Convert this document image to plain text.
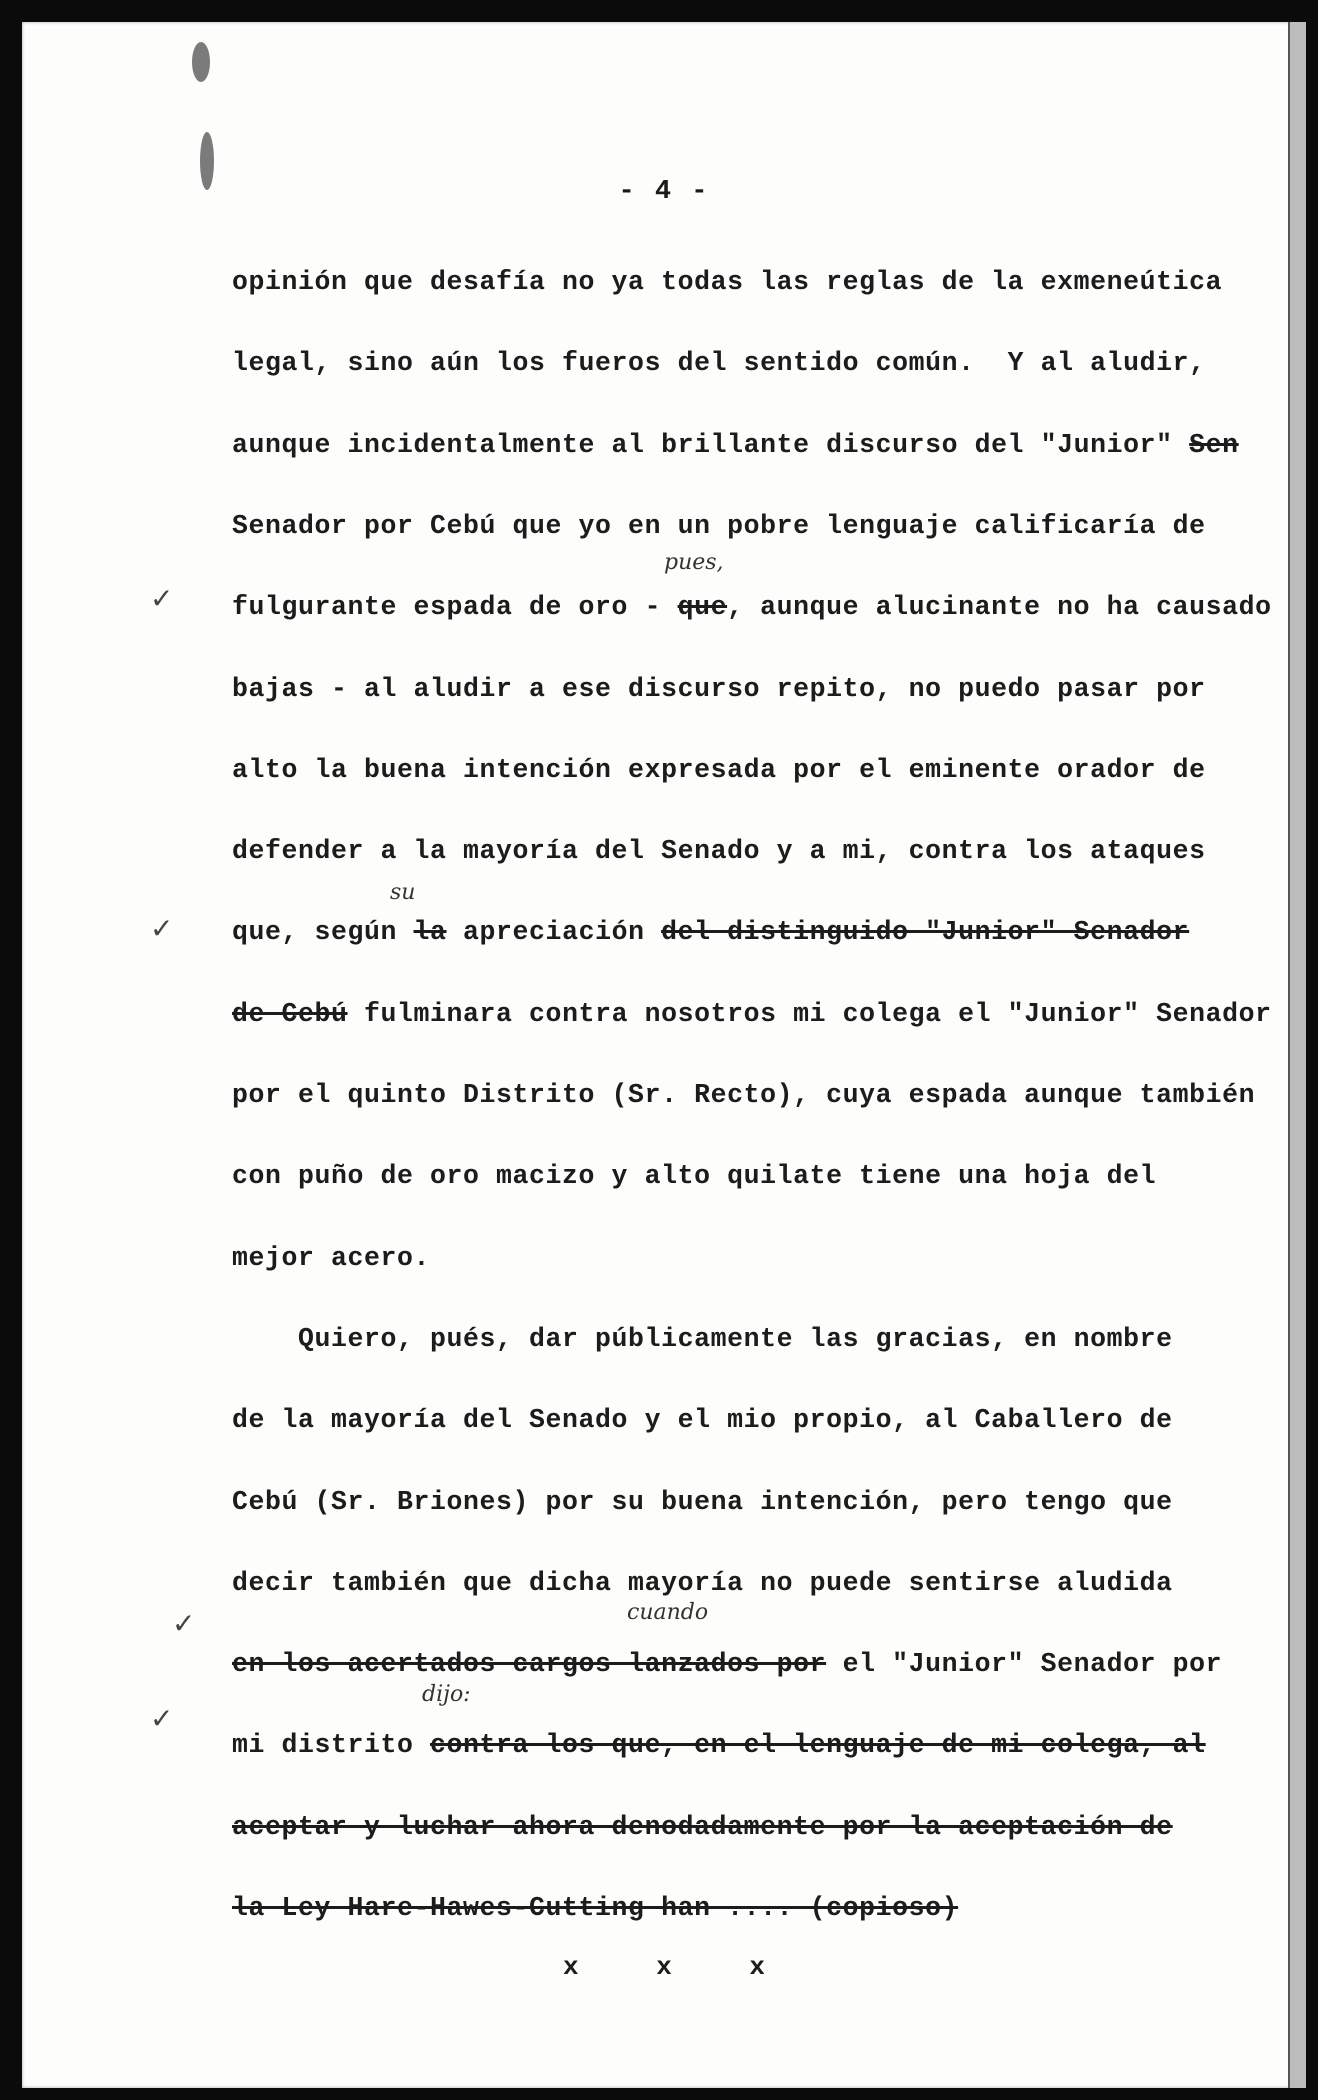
- 4 -
opinión que desafía no ya todas las reglas de la exmeneútica
legal, sino aún los fueros del sentido común.  Y al aludir,
aunque incidentalmente al brillante discurso del "Junior" Sen
Senador por Cebú que yo en un pobre lenguaje calificaría de
fulgurante espada de oro - que, aunque alucinante no ha causado
bajas - al aludir a ese discurso repito, no puedo pasar por
alto la buena intención expresada por el eminente orador de
defender a la mayoría del Senado y a mi, contra los ataques
que, según la apreciación del distinguido "Junior" Senador
de Cebú fulminara contra nosotros mi colega el "Junior" Senador
por el quinto Distrito (Sr. Recto), cuya espada aunque también
con puño de oro macizo y alto quilate tiene una hoja del
mejor acero.
Quiero, pués, dar públicamente las gracias, en nombre
de la mayoría del Senado y el mio propio, al Caballero de
Cebú (Sr. Briones) por su buena intención, pero tengo que
decir también que dicha mayoría no puede sentirse aludida
en los acertados cargos lanzados por el "Junior" Senador por
mi distrito contra los que, en el lenguaje de mi colega, al
aceptar y luchar ahora denodadamente por la aceptación de
la Ley Hare-Hawes-Cutting han .... (copioso)
pues,
su
cuando
dijo:
✓
✓
✓
✓
x	x	x
